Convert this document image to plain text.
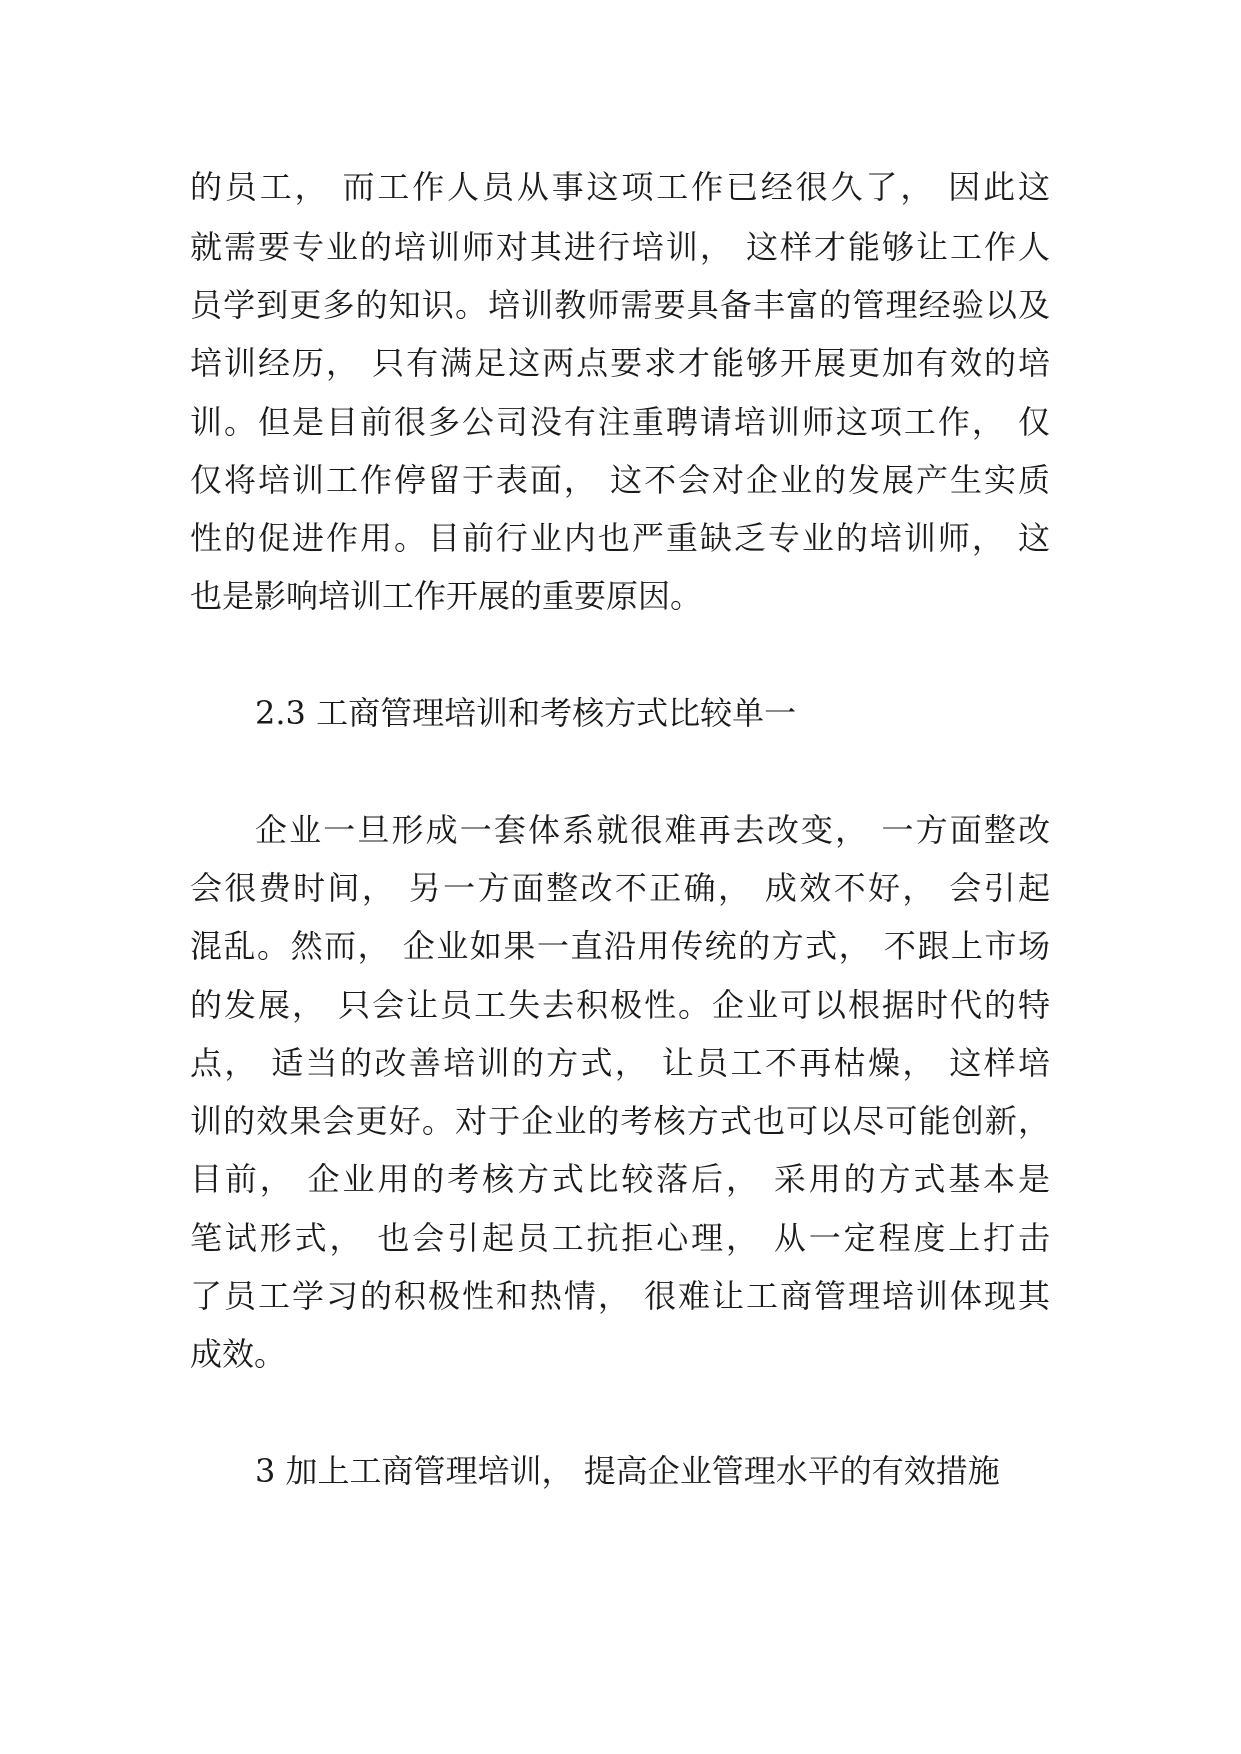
的员工， 而工作人员从事这项工作已经很久了， 因此这
就需要专业的培训师对其进行培训， 这样才能够让工作人
员学到更多的知识。培训教师需要具备丰富的管理经验以及
培训经历， 只有满足这两点要求才能够开展更加有效的培
训。但是目前很多公司没有注重聘请培训师这项工作， 仅
仅将培训工作停留于表面， 这不会对企业的发展产生实质
性的促进作用。目前行业内也严重缺乏专业的培训师， 这
也是影响培训工作开展的重要原因。
2.3 工商管理培训和考核方式比较单一
企业一旦形成一套体系就很难再去改变， 一方面整改
会很费时间， 另一方面整改不正确， 成效不好， 会引起
混乱。然而， 企业如果一直沿用传统的方式， 不跟上市场
的发展， 只会让员工失去积极性。企业可以根据时代的特
点， 适当的改善培训的方式， 让员工不再枯燥， 这样培
训的效果会更好。对于企业的考核方式也可以尽可能创新，
目前， 企业用的考核方式比较落后， 采用的方式基本是
笔试形式， 也会引起员工抗拒心理， 从一定程度上打击
了员工学习的积极性和热情， 很难让工商管理培训体现其
成效。
3 加上工商管理培训， 提高企业管理水平的有效措施
